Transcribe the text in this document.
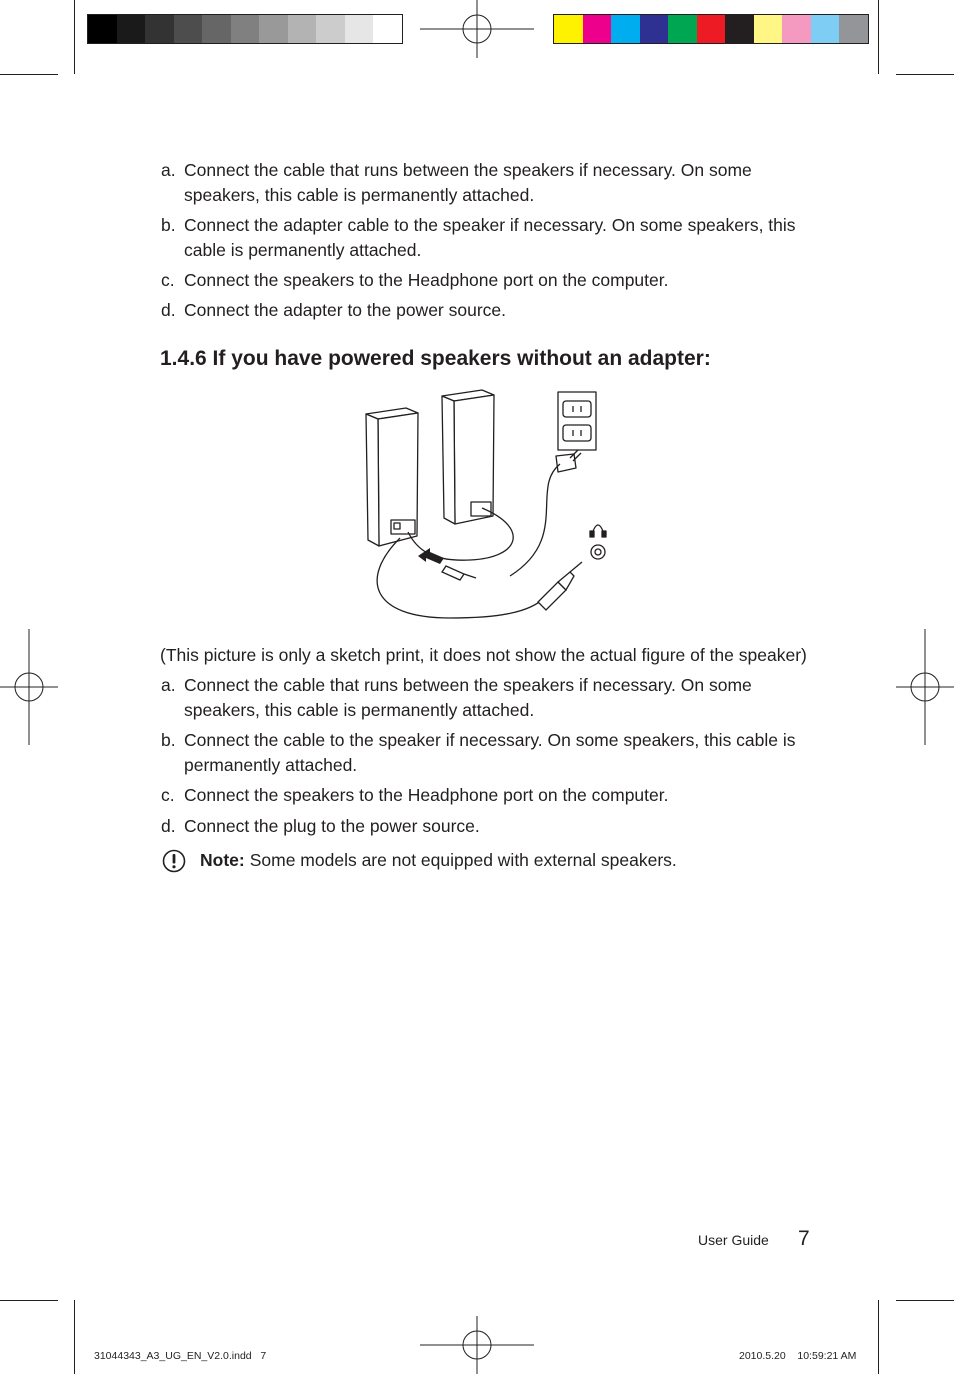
a. Connect the cable that runs between the speakers if necessary. On some speakers, this cable is permanently attached.
b. Connect the adapter cable to the speaker if necessary. On some speakers, this cable is permanently attached.
c. Connect the speakers to the Headphone port on the computer.
d. Connect the adapter to the power source.
1.4.6 If you have powered speakers without an adapter:
(This picture is only a sketch print, it does not show the actual figure of the speaker)
a. Connect the cable that runs between the speakers if necessary. On some speakers, this cable is permanently attached.
b. Connect the cable to the speaker if necessary. On some speakers, this cable is permanently attached.
c. Connect the speakers to the Headphone port on the computer.
d. Connect the plug to the power source.
Note: Some models are not equipped with external speakers.
User Guide 7
31044343_A3_UG_EN_V2.0.indd   7	2010.5.20    10:59:21 AM
